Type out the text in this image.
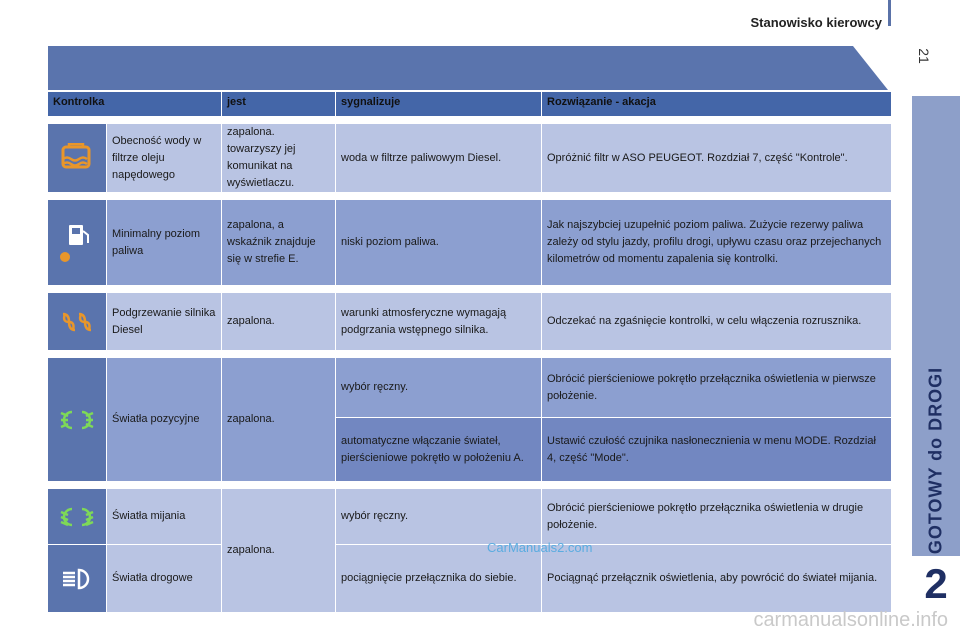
Stanowisko kierowcy
21
GOTOWY do DROGI
2
Kontrolka		jest	sygnalizuje	Rozwiązanie - akacja

	Obecność wody w filtrze oleju napędowego	zapalona. towarzyszy jej komunikat na wyświetlaczu.	woda w filtrze paliwowym Diesel.	Opróżnić filtr w ASO PEUGEOT. Rozdział 7, część "Kontrole".

	Minimalny poziom paliwa	zapalona, a wskaźnik znajduje się w strefie E.	niski poziom paliwa.	Jak najszybciej uzupełnić poziom paliwa. Zużycie rezerwy paliwa zależy od stylu jazdy, profilu drogi, upływu czasu oraz przejechanych kilometrów od momentu zapalenia się kontrolki.

	Podgrzewanie silnika Diesel	zapalona.	warunki atmosferyczne wymagają podgrzania wstępnego silnika.	Odczekać na zgaśnięcie kontrolki, w celu włączenia rozrusznika.

	Światła pozycyjne	zapalona.	wybór ręczny.	Obrócić pierścieniowe pokrętło przełącznika oświetlenia w pierwsze położenie.
			automatyczne włączanie świateł, pierścieniowe pokrętło w położeniu A.	Ustawić czułość czujnika nasłonecznienia w menu MODE. Rozdział 4, część "Mode".

	Światła mijania	zapalona.	wybór ręczny.	Obrócić pierścieniowe pokrętło przełącznika oświetlenia w drugie położenie.

	Światła drogowe		pociągnięcie przełącznika do siebie.	Pociągnąć przełącznik oświetlenia, aby powrócić do świateł mijania.
CarManuals2.com
carmanualsonline.info
